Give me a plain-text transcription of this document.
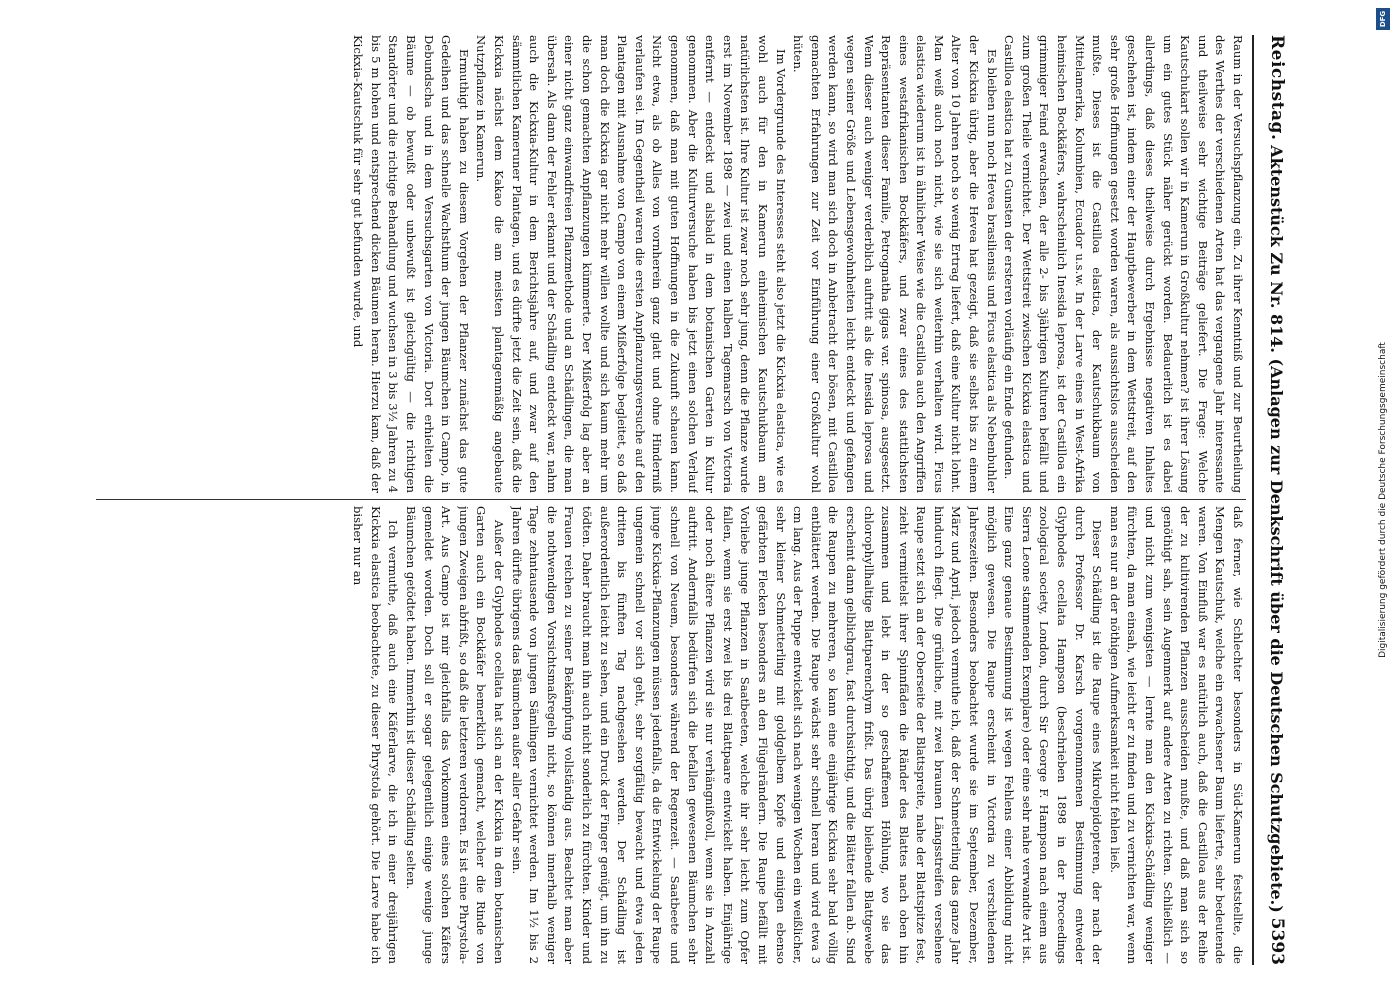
Reichstag.
Aktenstück Zu Nr. 814. (Anlagen zur Denkschrift über die Deutschen Schutzgebiete.)
5393

Raum in der Versuchspflanzung ein. Zu ihrer Kenntniß und zur Beurtheilung des Werthes der verschiedenen Arten hat das vergangene Jahr interessante und theilweise sehr wichtige Beiträge geliefert. Die Frage: Welche Kautschukart sollen wir in Kamerun in Großkultur nehmen? ist ihrer Lösung um ein gutes Stück näher gerückt worden. Bedauerlich ist es dabei allerdings, daß dieses theilweise durch Ergebnisse negativen Inhaltes geschehen ist, indem einer der Hauptbewerber in dem Wettstreit, auf den sehr große Hoffnungen gesetzt worden waren, als aussichtslos ausscheiden mußte. Dieses ist die Castilloa elastica, der Kautschukbaum von Mittelamerika, Kolumbien, Ecuador u.s.w. In der Larve eines in West-Afrika heimischen Bockkäfers, wahrscheinlich Inesida leprosa, ist der Castilloa ein grimmiger Feind erwachsen, der alle 2- bis 3jährigen Kulturen befällt und zum großen Theile vernichtet. Der Wettstreit zwischen Kickxia elastica und Castilloa elastica hat zu Gunsten der ersteren vorläufig ein Ende gefunden.

Es bleiben nun noch Hevea brasiliensis und Ficus elastica als Nebenbuhler der Kickxia übrig, aber die Hevea hat gezeigt, daß sie selbst bis zu einem Alter von 10 Jahren noch so wenig Ertrag liefert, daß eine Kultur nicht lohnt. Man weiß auch noch nicht, wie sie sich weiterhin verhalten wird. Ficus elastica wiederum ist in ähnlicher Weise wie die Castilloa auch den Angriffen eines westafrikanischen Bockkäfers, und zwar eines des stattlichsten Repräsentanten dieser Familie, Petrognatha gigas var. spinosa, ausgesetzt. Wenn dieser auch weniger verderblich auftritt als die Inesida leprosa und wegen seiner Größe und Lebensgewohnheiten leicht entdeckt und gefangen werden kann, so wird man sich doch in Anbetracht der bösen, mit Castilloa gemachten Erfahrungen zur Zeit vor Einführung einer Großkultur wohl hüten.

Im Vordergrunde des Interesses steht also jetzt die Kickxia elastica, wie es wohl auch für den in Kamerun einheimischen Kautschukbaum am natürlichsten ist. Ihre Kultur ist zwar noch sehr jung, denn die Pflanze wurde erst im November 1898 — zwei und einen halben Tagemarsch von Victoria entfernt — entdeckt und alsbald in dem botanischen Garten in Kultur genommen. Aber die Kulturversuche haben bis jetzt einen solchen Verlauf genommen, daß man mit guten Hoffnungen in die Zukunft schauen kann. Nicht etwa, als ob Alles von vornherein ganz glatt und ohne Hinderniß verlaufen sei. Im Gegentheil waren die ersten Anpflanzungsversuche auf den Plantagen mit Ausnahme von Campo von einem Mißerfolge begleitet, so daß man doch die Kickxia gar nicht mehr willen wollte und sich kaum mehr um die schon gemachten Anpflanzungen kümmerte. Der Mißerfolg lag aber an einer nicht ganz einwandfreien Pflanzmethode und an Schädlingen, die man übersah. Als dann der Fehler erkannt und der Schädling entdeckt war, nahm auch die Kickxia-Kultur in dem Berichtsjahre auf, und zwar auf den sämmtlichen Kameruner Plantagen, und es dürfte jetzt die Zeit sein, daß die Kickxia nächst dem Kakao die am meisten plantagenmäßig angebaute Nutzpflanze in Kamerun.

Ermuthigt haben zu diesem Vorgehen der Pflanzer zunächst das gute Gedeihen und das schnelle Wachsthum der jungen Bäumchen in Campo, in Debundscha und in dem Versuchsgarten von Victoria. Dort erhielten die Bäume — ob bewußt oder unbewußt ist gleichgültig — die richtigen Standörter und die richtige Behandlung und wuchsen in 3 bis 3½ Jahren zu 4 bis 5 m hohen und entsprechend dicken Bäumen heran. Hierzu kam, daß der Kickxia-Kautschuk für sehr gut befunden wurde, und

daß ferner, wie Schlechter besonders in Süd-Kamerun feststellte, die Mengen Kautschuk, welche ein erwachsener Baum lieferte, sehr bedeutende waren. Von Einfluß war es natürlich auch, daß die Castilloa aus der Reihe der zu kultivirenden Pflanzen ausscheiden mußte, und daß man sich so genöthigt sah, sein Augenmerk auf andere Arten zu richten. Schließlich — und nicht zum wenigsten — lernte man den Kickxia-Schädling weniger fürchten, da man einsah, wie leicht er zu finden und zu vernichten war, wenn man es nur an der nöthigen Aufmerksamkeit nicht fehlen ließ.

Dieser Schädling ist die Raupe eines Mikrolepidopteren, der nach der durch Professor Dr. Karsch vorgenommenen Bestimmung entweder Glyphodes ocellata Hampson (beschrieben 1898 in der Proceedings zoological society, London, durch Sir George F. Hampson nach einem aus Sierra Leone stammenden Exemplare) oder eine sehr nahe verwandte Art ist. Eine ganz genaue Bestimmung ist wegen Fehlens einer Abbildung nicht möglich gewesen. Die Raupe erscheint in Victoria zu verschiedenen Jahreszeiten. Besonders beobachtet wurde sie im September, Dezember, März und April, jedoch vermuthe ich, daß der Schmetterling das ganze Jahr hindurch fliegt. Die grünliche, mit zwei braunen Längsstreifen versehene Raupe setzt sich an der Oberseite der Blattspreite, nahe der Blattspitze fest, zieht vermittelst ihrer Spinnfäden die Ränder des Blattes nach oben hin zusammen und lebt in der so geschaffenen Höhlung, wo sie das chlorophyllhaltige Blattparenchym frißt. Das übrig bleibende Blattgewebe erscheint dann gelblichgrau, fast durchsichtig, und die Blätter fallen ab. Sind die Raupen zu mehreren, so kann eine einjährige Kickxia sehr bald völlig entblättert werden. Die Raupe wächst sehr schnell heran und wird etwa 3 cm lang. Aus der Puppe entwickelt sich nach wenigen Wochen ein weißlicher, sehr kleiner Schmetterling mit goldgelbem Kopfe und einigen ebenso gefärbten Flecken besonders an den Flügelrändern. Die Raupe befällt mit Vorliebe junge Pflanzen in Saatbeeten, welche ihr sehr leicht zum Opfer fallen, wenn sie erst zwei bis drei Blattpaare entwickelt haben. Einjährige oder noch ältere Pflanzen wird sie nur verhängnißvoll, wenn sie in Anzahl auftritt. Andernfalls bedürfen sich die befallen gewesenen Bäumchen sehr schnell von Neuem, besonders während der Regenzeit. — Saatbeete und junge Kickxia-Pflanzungen müssen jedenfalls, da die Entwickelung der Raupe ungemein schnell vor sich geht, sehr sorgfältig bewacht und etwa jeden dritten bis fünften Tag nachgesehen werden. Der Schädling ist außerordentlich leicht zu sehen, und ein Druck der Finger genügt, um ihn zu tödten. Daher braucht man ihn auch nicht sonderlich zu fürchten. Kinder und Frauen reichen zu seiner Bekämpfung vollständig aus. Beachtet man aber die nothwendigen Vorsichtsmaßregeln nicht, so können innerhalb weniger Tage zehntausende von jungen Sämlingen vernichtet werden. Im 1½ bis 2 Jahren dürfte übrigens das Bäumchen außer aller Gefahr sein.

Außer der Glyphodes ocellata hat sich an der Kickxia in dem botanischen Garten auch ein Bockkäfer bemerklich gemacht, welcher die Rinde von jungen Zweigen abfrißt, so daß die letzteren verdorren. Es ist eine Phrystola-Art. Aus Campo ist mir gleichfalls das Vorkommen eines solchen Käfers gemeldet worden. Doch soll er sogar gelegentlich einige wenige junge Bäumchen getödtet haben. Immerhin ist dieser Schädling selten.

Ich vermuthe, daß auch eine Käferlarve, die ich in einer dreijährigen Kickxia elastica beobachtete, zu dieser Phrystola gehört. Die Larve habe ich bisher nur an

DFG
Digitalisierung gefördert durch die Deutsche Forschungsgemeinschaft
